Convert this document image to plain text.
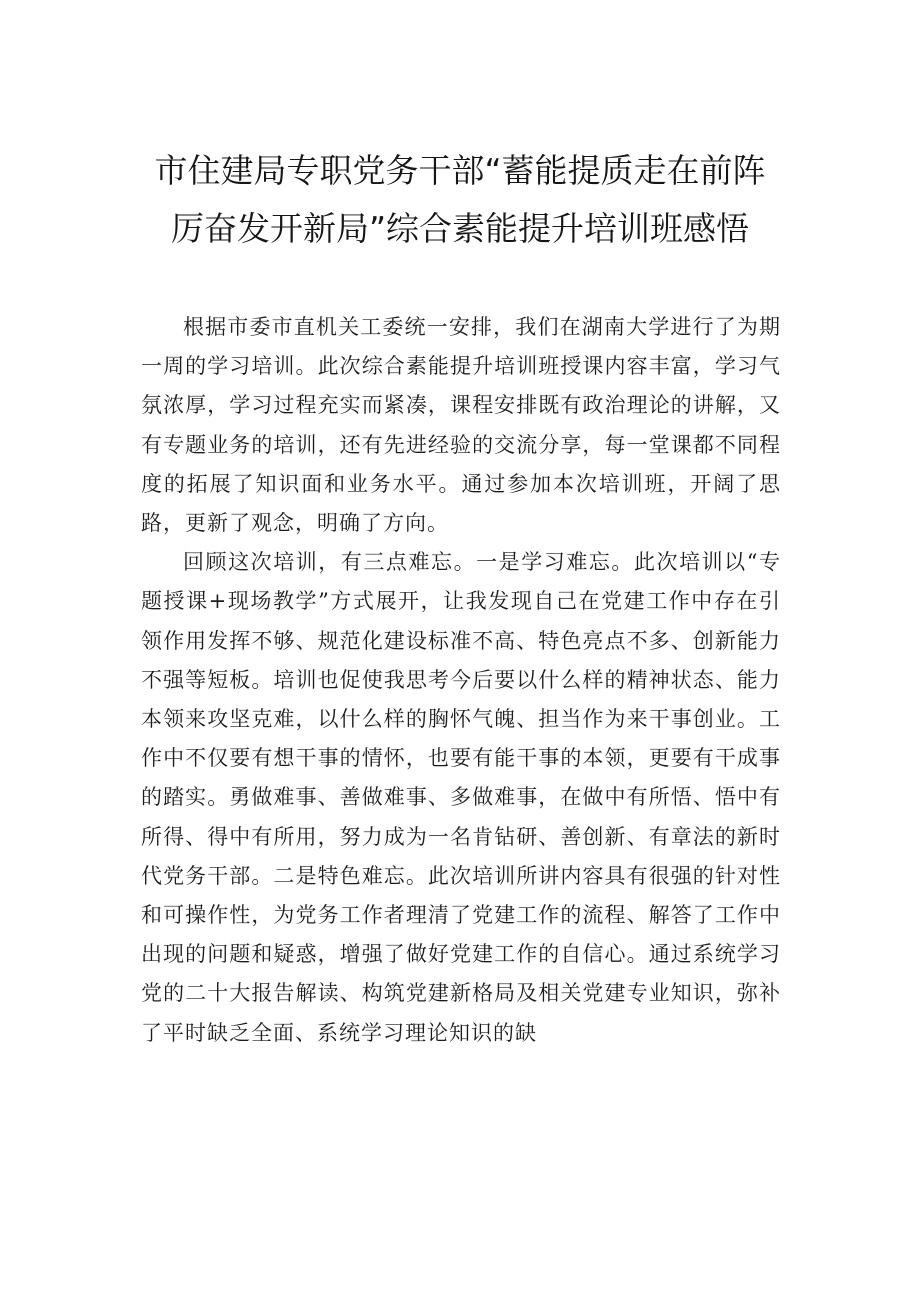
市住建局专职党务干部“蓄能提质走在前阵
厉奋发开新局”综合素能提升培训班感悟

根据市委市直机关工委统一安排，我们在湖南大学进行了为期一周的学习培训。此次综合素能提升培训班授课内容丰富，学习气氛浓厚，学习过程充实而紧凑，课程安排既有政治理论的讲解，又有专题业务的培训，还有先进经验的交流分享，每一堂课都不同程度的拓展了知识面和业务水平。通过参加本次培训班，开阔了思路，更新了观念，明确了方向。

回顾这次培训，有三点难忘。一是学习难忘。此次培训以“专题授课+现场教学”方式展开，让我发现自己在党建工作中存在引领作用发挥不够、规范化建设标准不高、特色亮点不多、创新能力不强等短板。培训也促使我思考今后要以什么样的精神状态、能力本领来攻坚克难，以什么样的胸怀气魄、担当作为来干事创业。工作中不仅要有想干事的情怀，也要有能干事的本领，更要有干成事的踏实。勇做难事、善做难事、多做难事，在做中有所悟、悟中有所得、得中有所用，努力成为一名肯钻研、善创新、有章法的新时代党务干部。二是特色难忘。此次培训所讲内容具有很强的针对性和可操作性，为党务工作者理清了党建工作的流程、解答了工作中出现的问题和疑惑，增强了做好党建工作的自信心。通过系统学习党的二十大报告解读、构筑党建新格局及相关党建专业知识，弥补了平时缺乏全面、系统学习理论知识的缺
